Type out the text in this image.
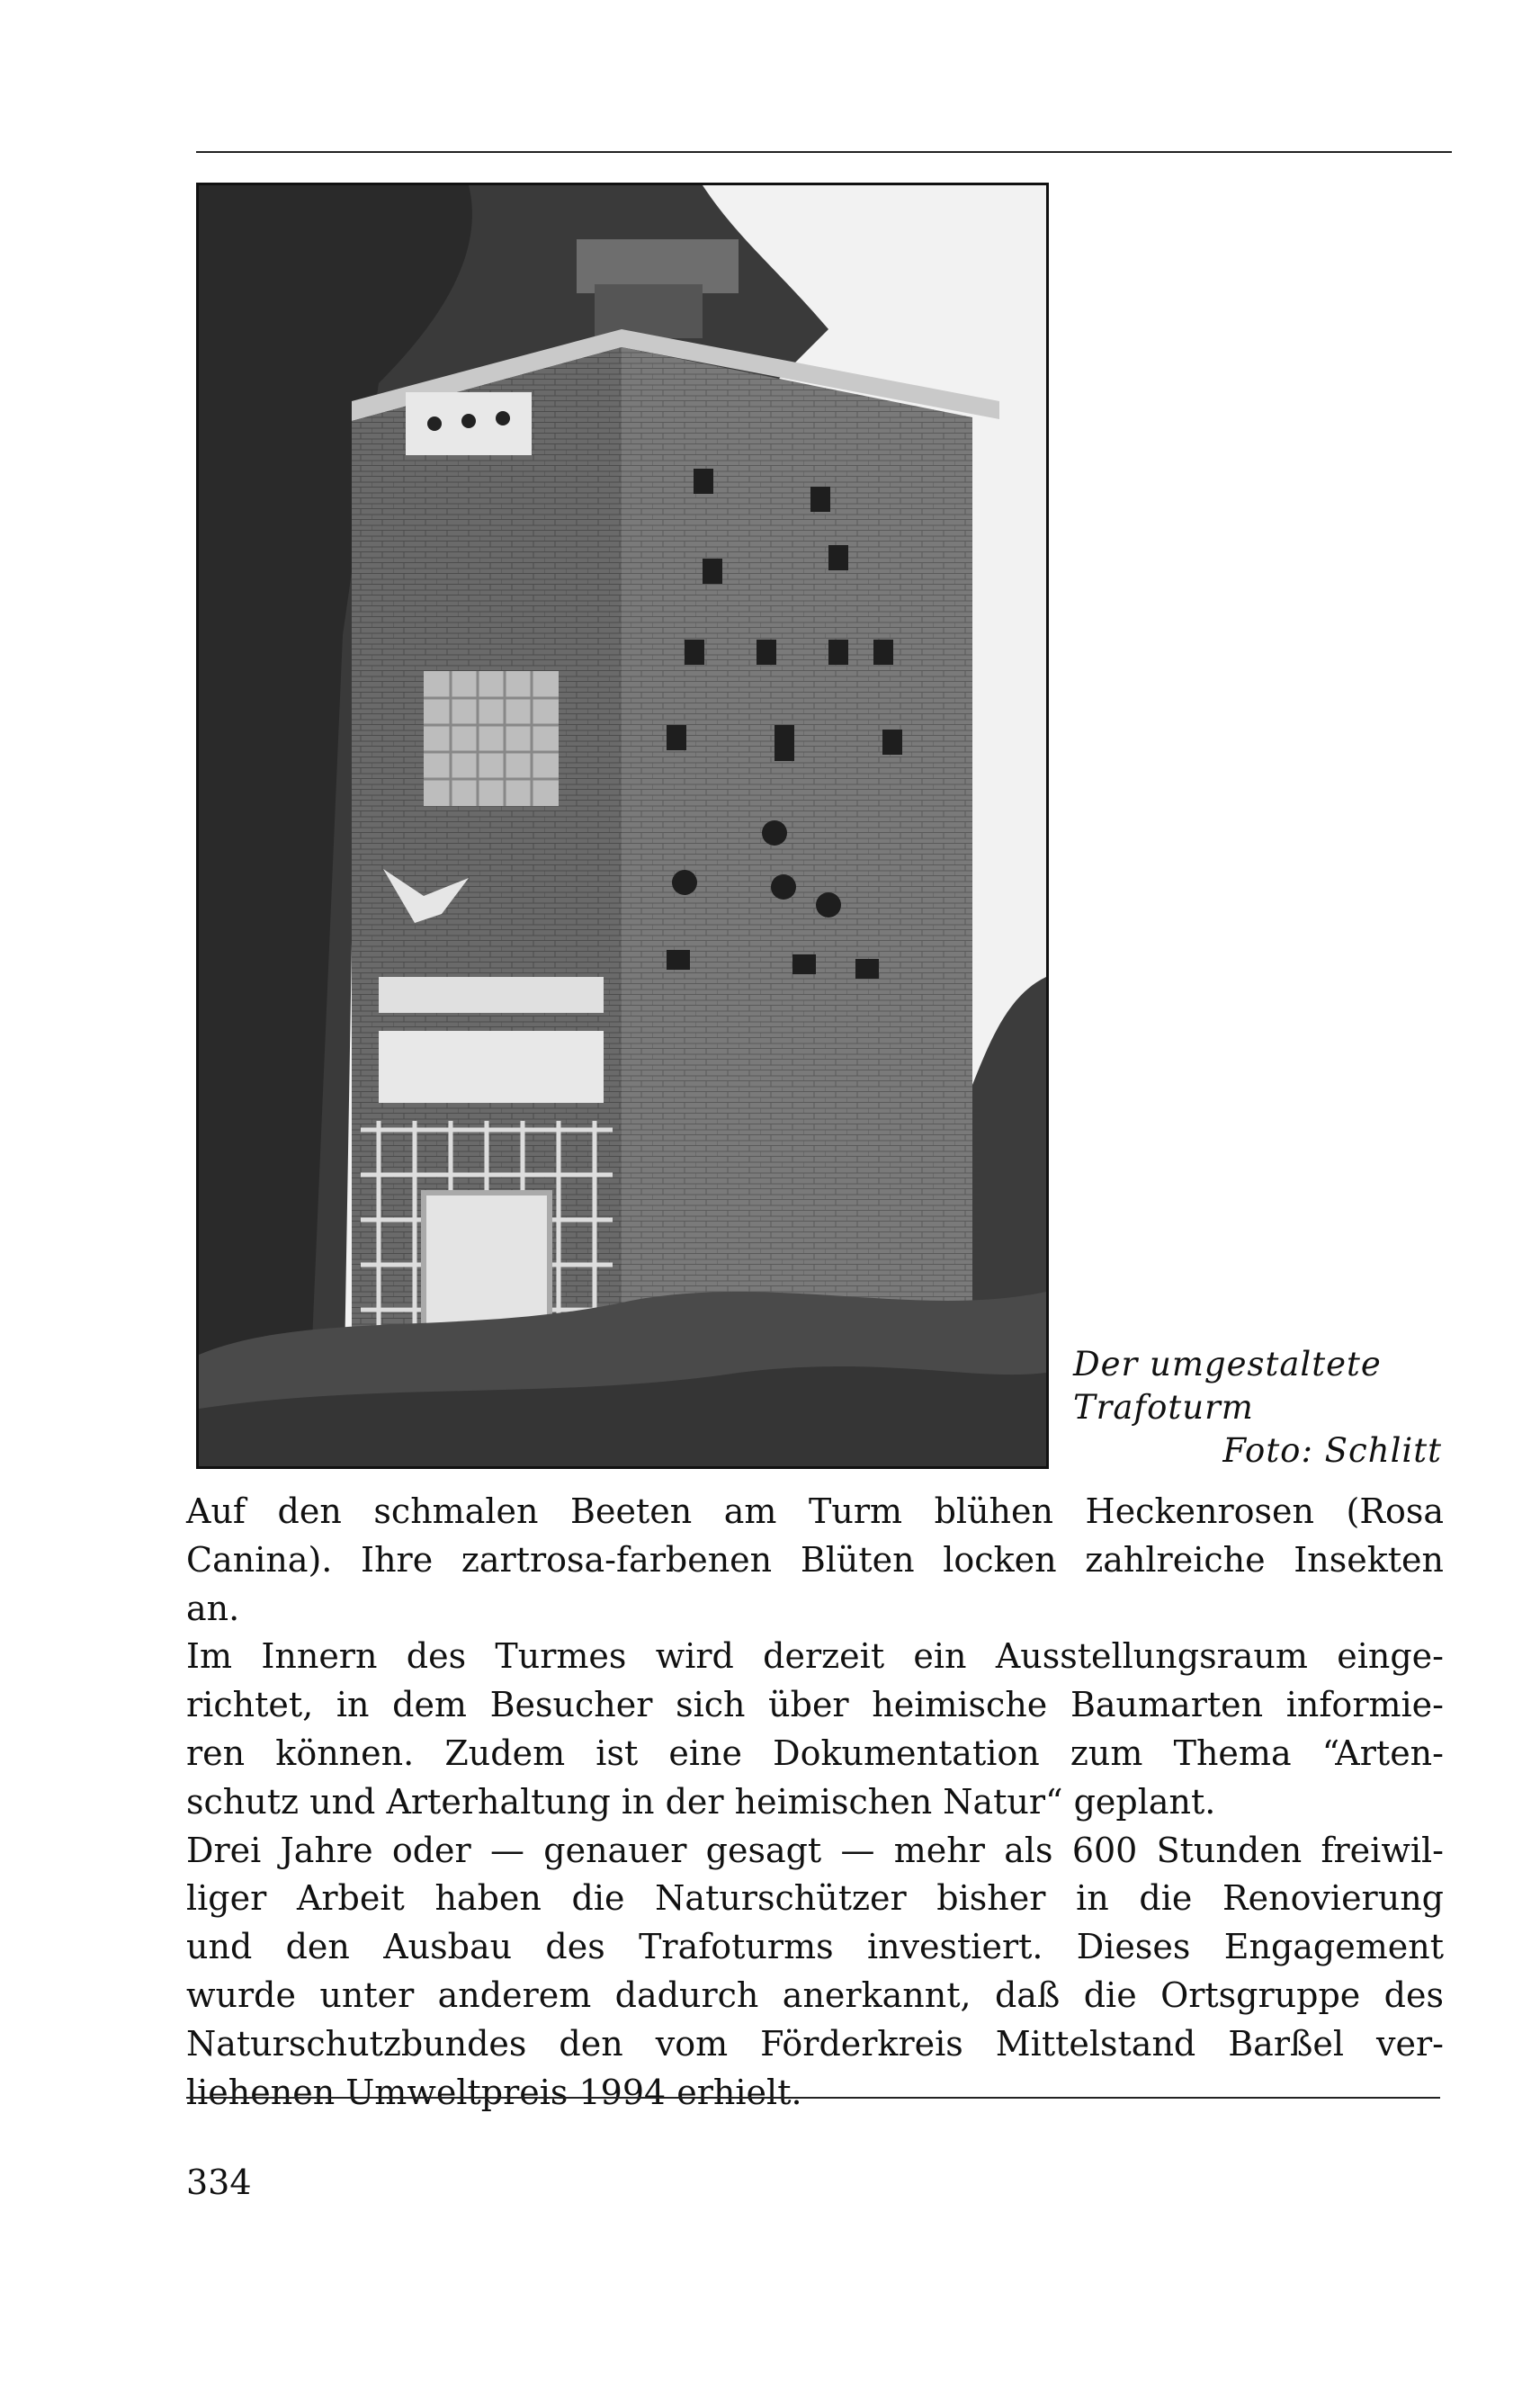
Der umgestaltete
Trafoturm
Foto: Schlitt
Auf den schmalen Beeten am Turm blühen Heckenrosen (Rosa
Canina). Ihre zartrosa-farbenen Blüten locken zahlreiche Insekten
an.
Im Innern des Turmes wird derzeit ein Ausstellungsraum einge-
richtet, in dem Besucher sich über heimische Baumarten informie-
ren können. Zudem ist eine Dokumentation zum Thema “Arten-
schutz und Arterhaltung in der heimischen Natur“ geplant.
Drei Jahre oder — genauer gesagt — mehr als 600 Stunden freiwil-
liger Arbeit haben die Naturschützer bisher in die Renovierung
und den Ausbau des Trafoturms investiert. Dieses Engagement
wurde unter anderem dadurch anerkannt, daß die Ortsgruppe des
Naturschutzbundes den vom Förderkreis Mittelstand Barßel ver-
liehenen Umweltpreis 1994 erhielt.
334
